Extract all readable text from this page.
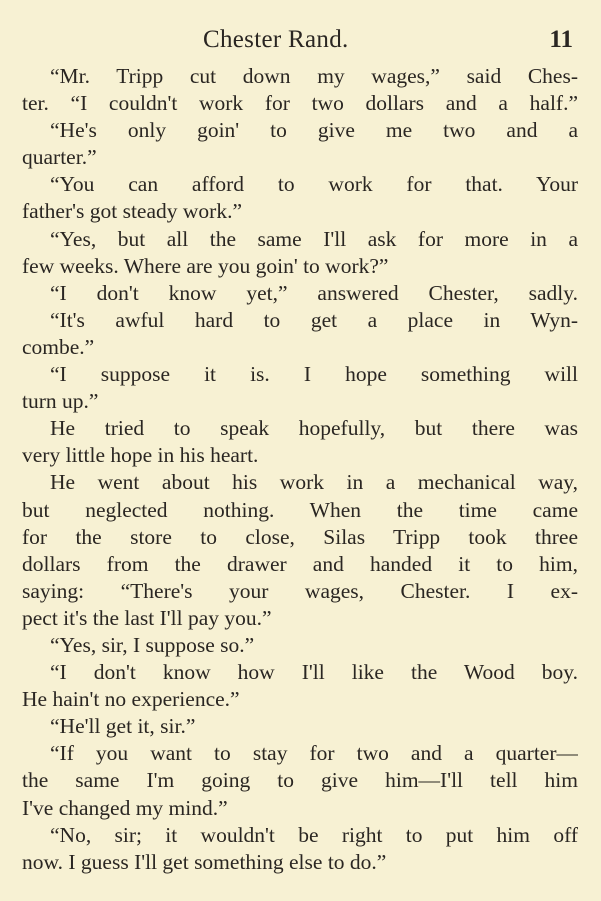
Chester Rand.	11
“Mr. Tripp cut down my wages,” said Ches-
ter. “I couldn't work for two dollars and a half.”
“He's only goin' to give me two and a
quarter.”
“You can afford to work for that. Your
father's got steady work.”
“Yes, but all the same I'll ask for more in a
few weeks. Where are you goin' to work?”
“I don't know yet,” answered Chester, sadly.
“It's awful hard to get a place in Wyn-
combe.”
“I suppose it is. I hope something will
turn up.”
He tried to speak hopefully, but there was
very little hope in his heart.
He went about his work in a mechanical way,
but neglected nothing. When the time came
for the store to close, Silas Tripp took three
dollars from the drawer and handed it to him,
saying: “There's your wages, Chester. I ex-
pect it's the last I'll pay you.”
“Yes, sir, I suppose so.”
“I don't know how I'll like the Wood boy.
He hain't no experience.”
“He'll get it, sir.”
“If you want to stay for two and a quarter—
the same I'm going to give him—I'll tell him
I've changed my mind.”
“No, sir; it wouldn't be right to put him off
now. I guess I'll get something else to do.”
